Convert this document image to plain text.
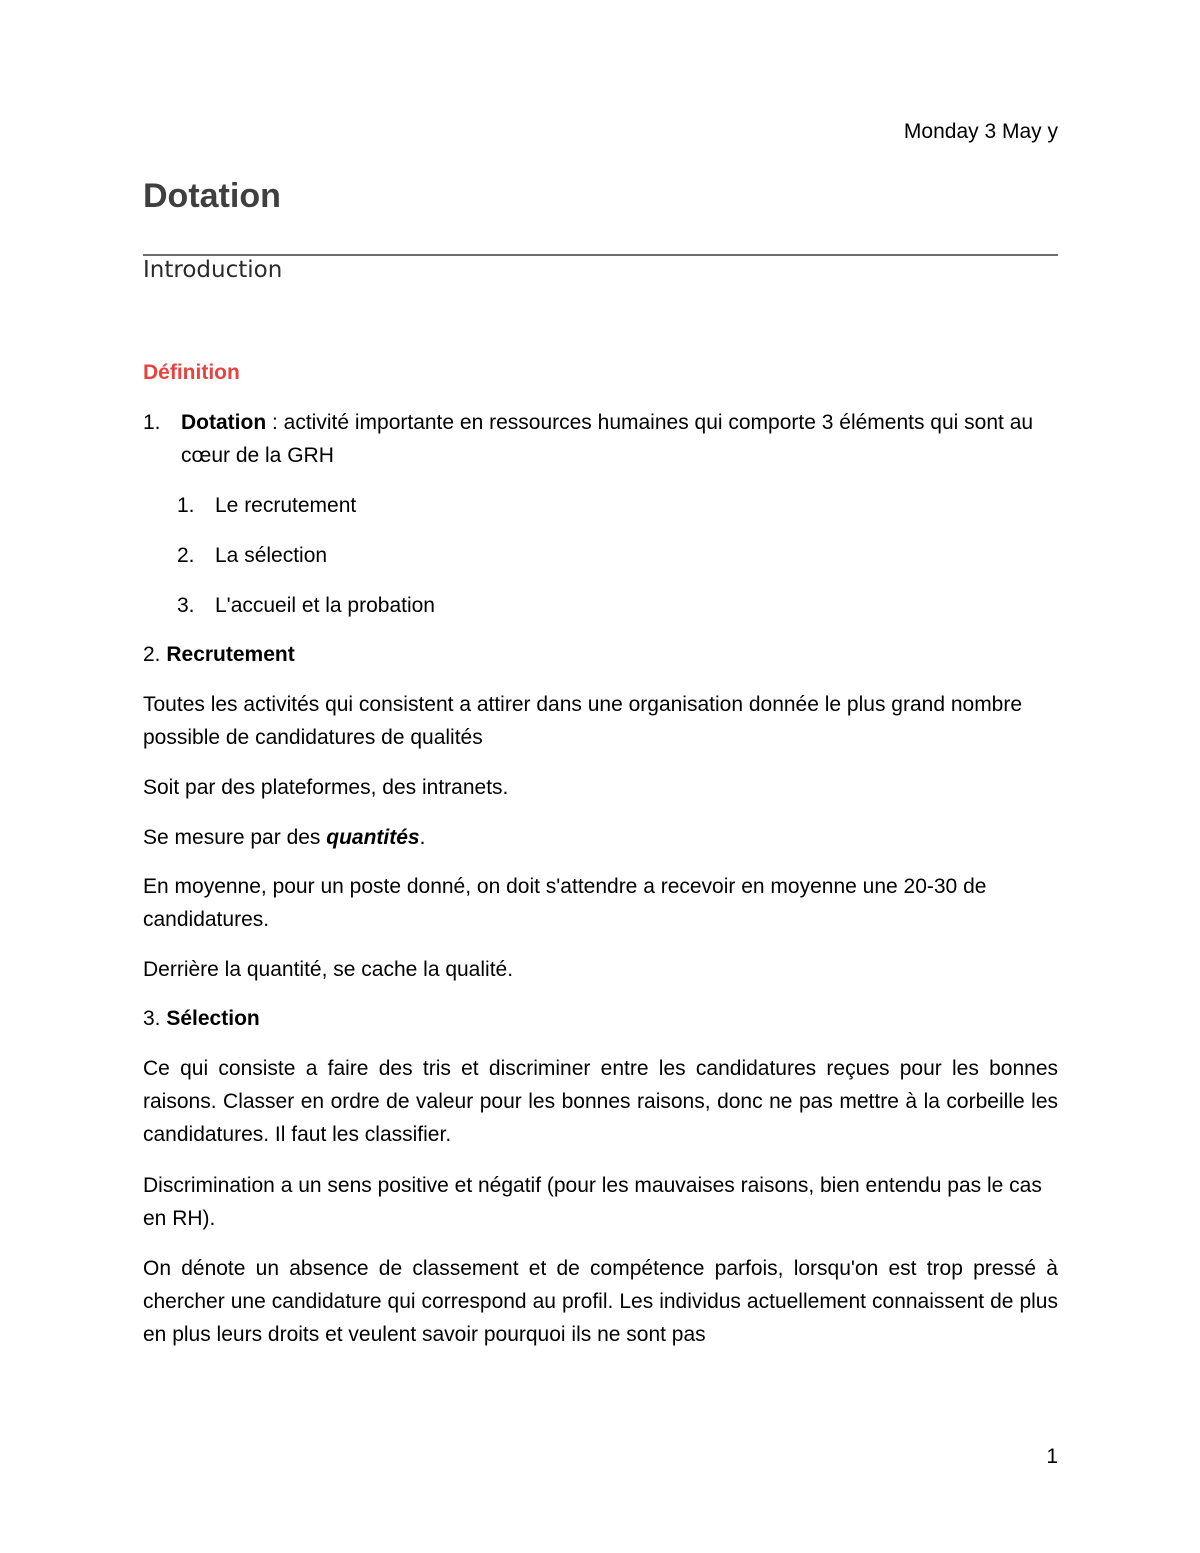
Monday 3 May y
Dotation
Introduction
Définition
1. Dotation : activité importante en ressources humaines qui comporte 3 éléments qui sont au cœur de la GRH
1. Le recrutement
2. La sélection
3. L'accueil et la probation
2. Recrutement
Toutes les activités qui consistent a attirer dans une organisation donnée le plus grand nombre possible de candidatures de qualités
Soit par des plateformes, des intranets.
Se mesure par des quantités.
En moyenne, pour un poste donné, on doit s'attendre a recevoir en moyenne une 20-30 de candidatures.
Derrière la quantité, se cache la qualité.
3. Sélection
Ce qui consiste a faire des tris et discriminer entre les candidatures reçues pour les bonnes raisons. Classer en ordre de valeur pour les bonnes raisons, donc ne pas mettre à la corbeille les candidatures. Il faut les classifier.
Discrimination a un sens positive et négatif (pour les mauvaises raisons, bien entendu pas le cas en RH).
On dénote un absence de classement et de compétence parfois, lorsqu'on est trop pressé à chercher une candidature qui correspond au profil. Les individus actuellement connaissent de plus en plus leurs droits et veulent savoir pourquoi ils ne sont pas
1
